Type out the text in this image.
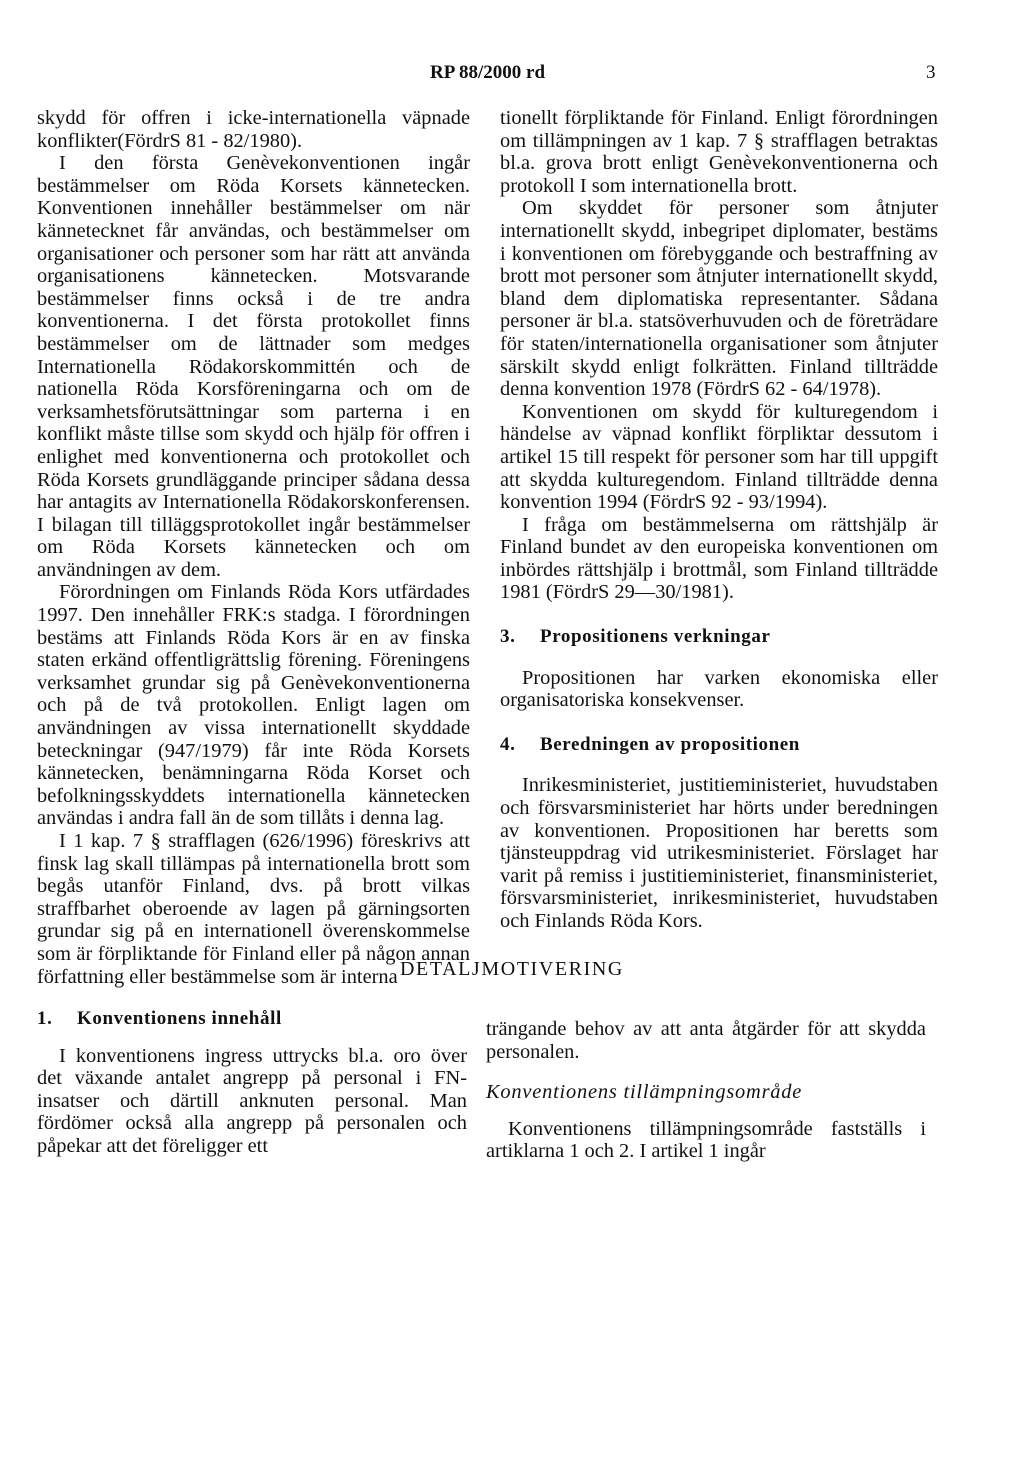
RP 88/2000 rd	3

skydd för offren i icke-internationella väpnade konflikter(FördrS 81 - 82/1980).

I den första Genèvekonventionen ingår bestämmelser om Röda Korsets kännetecken. Konventionen innehåller bestämmelser om när kännetecknet får användas, och bestämmelser om organisationer och personer som har rätt att använda organisationens kännetecken. Motsvarande bestämmelser finns också i de tre andra konventionerna. I det första protokollet finns bestämmelser om de lättnader som medges Internationella Rödakorskommittén och de nationella Röda Korsföreningarna och om de verksamhetsförutsättningar som parterna i en konflikt måste tillse som skydd och hjälp för offren i enlighet med konventionerna och protokollet och Röda Korsets grundläggande principer sådana dessa har antagits av Internationella Rödakorskonferensen. I bilagan till tilläggsprotokollet ingår bestämmelser om Röda Korsets kännetecken och om användningen av dem.

Förordningen om Finlands Röda Kors utfärdades 1997. Den innehåller FRK:s stadga. I förordningen bestäms att Finlands Röda Kors är en av finska staten erkänd offentligrättslig förening. Föreningens verksamhet grundar sig på Genèvekonventionerna och på de två protokollen. Enligt lagen om användningen av vissa internationellt skyddade beteckningar (947/1979) får inte Röda Korsets kännetecken, benämningarna Röda Korset och befolkningsskyddets internationella kännetecken användas i andra fall än de som tillåts i denna lag.

I 1 kap. 7 § strafflagen (626/1996) föreskrivs att finsk lag skall tillämpas på internationella brott som begås utanför Finland, dvs. på brott vilkas straffbarhet oberoende av lagen på gärningsorten grundar sig på en internationell överenskommelse som är förpliktande för Finland eller på någon annan författning eller bestämmelse som är interna

tionellt förpliktande för Finland. Enligt förordningen om tillämpningen av 1 kap. 7 § strafflagen betraktas bl.a. grova brott enligt Genèvekonventionerna och protokoll I som internationella brott.

Om skyddet för personer som åtnjuter internationellt skydd, inbegripet diplomater, bestäms i konventionen om förebyggande och bestraffning av brott mot personer som åtnjuter internationellt skydd, bland dem diplomatiska representanter. Sådana personer är bl.a. statsöverhuvuden och de företrädare för staten/internationella organisationer som åtnjuter särskilt skydd enligt folkrätten. Finland tillträdde denna konvention 1978 (FördrS 62 - 64/1978).

Konventionen om skydd för kulturegendom i händelse av väpnad konflikt förpliktar dessutom i artikel 15 till respekt för personer som har till uppgift att skydda kulturegendom. Finland tillträdde denna konvention 1994 (FördrS 92 - 93/1994).

I fråga om bestämmelserna om rättshjälp är Finland bundet av den europeiska konventionen om inbördes rättshjälp i brottmål, som Finland tillträdde 1981 (FördrS 29—30/1981).

3. Propositionens verkningar

Propositionen har varken ekonomiska eller organisatoriska konsekvenser.

4. Beredningen av propositionen

Inrikesministeriet, justitieministeriet, huvudstaben och försvarsministeriet har hörts under beredningen av konventionen. Propositionen har beretts som tjänsteuppdrag vid utrikesministeriet. Förslaget har varit på remiss i justitieministeriet, finansministeriet, försvarsministeriet, inrikesministeriet, huvudstaben och Finlands Röda Kors.

DETALJMOTIVERING
1. Konventionens innehåll

I konventionens ingress uttrycks bl.a. oro över det växande antalet angrepp på personal i FN-insatser och därtill anknuten personal. Man fördömer också alla angrepp på personalen och påpekar att det föreligger ett

trängande behov av att anta åtgärder för att skydda personalen.

Konventionens tillämpningsområde

Konventionens tillämpningsområde fastställs i artiklarna 1 och 2. I artikel 1 ingår
